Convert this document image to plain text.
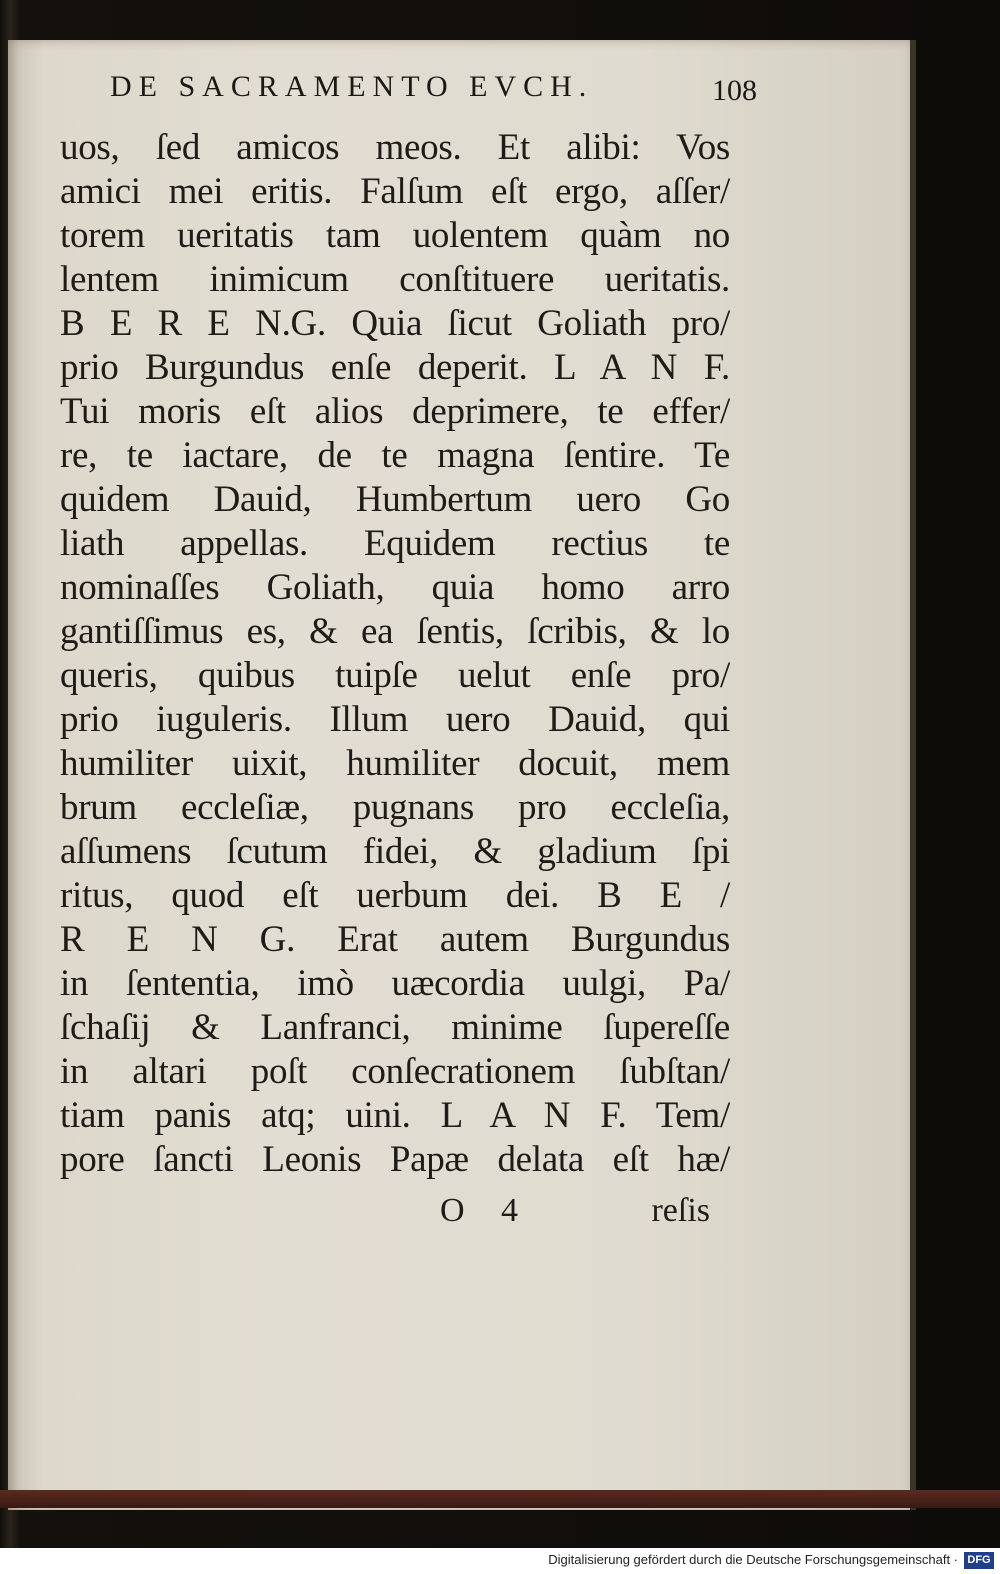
DE SACRAMENTO EVCH.	108
uos, ſed amicos meos. Et alibi: Vos
amici mei eritis. Falſum eſt ergo, aſſer/
torem ueritatis tam uolentem quàm no
lentem inimicum conſtituere ueritatis.
B E R E N.G. Quia ſicut Goliath pro/
prio Burgundus enſe deperit. L A N F.
Tui moris eſt alios deprimere, te effer/
re, te iactare, de te magna ſentire. Te
quidem Dauid, Humbertum uero Go
liath appellas. Equidem rectius te
nominaſſes Goliath, quia homo arro
gantiſſimus es, & ea ſentis, ſcribis, & lo
queris, quibus tuipſe uelut enſe pro/
prio iuguleris. Illum uero Dauid, qui
humiliter uixit, humiliter docuit, mem
brum eccleſiæ, pugnans pro eccleſia,
aſſumens ſcutum fidei, & gladium ſpi
ritus, quod eſt uerbum dei. B E /
R E N G. Erat autem Burgundus
in ſententia, imò uæcordia uulgi, Pa/
ſchaſij & Lanfranci, minime ſupereſſe
in altari poſt conſecrationem ſubſtan/
tiam panis atq; uini. L A N F. Tem/
pore ſancti Leonis Papæ delata eſt hæ/
O 4	reſis
Digitalisierung gefördert durch die Deutsche Forschungsgemeinschaft · DFG
